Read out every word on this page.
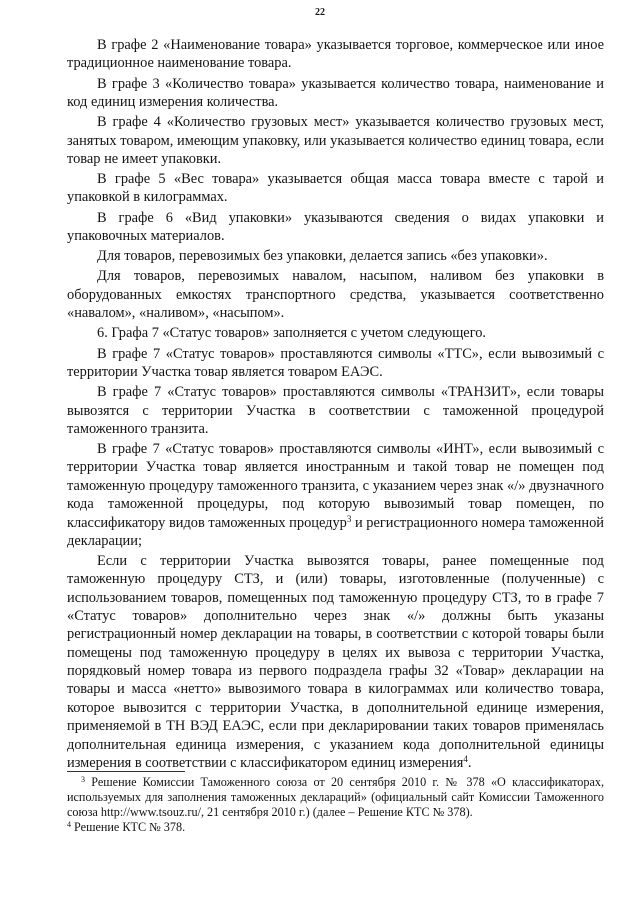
22

В графе 2 «Наименование товара» указывается торговое, коммерческое или иное традиционное наименование товара.

В графе 3 «Количество товара» указывается количество товара, наименование и код единиц измерения количества.

В графе 4 «Количество грузовых мест» указывается количество грузовых мест, занятых товаром, имеющим упаковку, или указывается количество единиц товара, если товар не имеет упаковки.

В графе 5 «Вес товара» указывается общая масса товара вместе с тарой и упаковкой в килограммах.

В графе 6 «Вид упаковки» указываются сведения о видах упаковки и упаковочных материалов.

Для товаров, перевозимых без упаковки, делается запись «без упаковки».

Для товаров, перевозимых навалом, насыпом, наливом без упаковки в оборудованных емкостях транспортного средства, указывается соответственно «навалом», «наливом», «насыпом».

6. Графа 7 «Статус товаров» заполняется с учетом следующего.

В графе 7 «Статус товаров» проставляются символы «ТТС», если вывозимый с территории Участка товар является товаром ЕАЭС.

В графе 7 «Статус товаров» проставляются символы «ТРАНЗИТ», если товары вывозятся с территории Участка в соответствии с таможенной процедурой таможенного транзита.

В графе 7 «Статус товаров» проставляются символы «ИНТ», если вывозимый с территории Участка товар является иностранным и такой товар не помещен под таможенную процедуру таможенного транзита, с указанием через знак «/» двузначного кода таможенной процедуры, под которую вывозимый товар помещен, по классификатору видов таможенных процедур$^3$ и регистрационного номера таможенной декларации;

Если с территории Участка вывозятся товары, ранее помещенные под таможенную процедуру СТЗ, и (или) товары, изготовленные (полученные) с использованием товаров, помещенных под таможенную процедуру СТЗ, то в графе 7 «Статус товаров» дополнительно через знак «/» должны быть указаны регистрационный номер декларации на товары, в соответствии с которой товары были помещены под таможенную процедуру в целях их вывоза с территории Участка, порядковый номер товара из первого подраздела графы 32 «Товар» декларации на товары и масса «нетто» вывозимого товара в килограммах или количество товара, которое вывозится с территории Участка, в дополнительной единице измерения, применяемой в ТН ВЭД ЕАЭС, если при декларировании таких товаров применялась дополнительная единица измерения, с указанием кода дополнительной единицы измерения в соответствии с классификатором единиц измерения$^4$.

$^3$ Решение Комиссии Таможенного союза от 20 сентября 2010 г. № 378 «О классификаторах, используемых для заполнения таможенных деклараций» (официальный сайт Комиссии Таможенного союза http://www.tsouz.ru/, 21 сентября 2010 г.) (далее – Решение КТС № 378).

$^4$ Решение КТС № 378.
